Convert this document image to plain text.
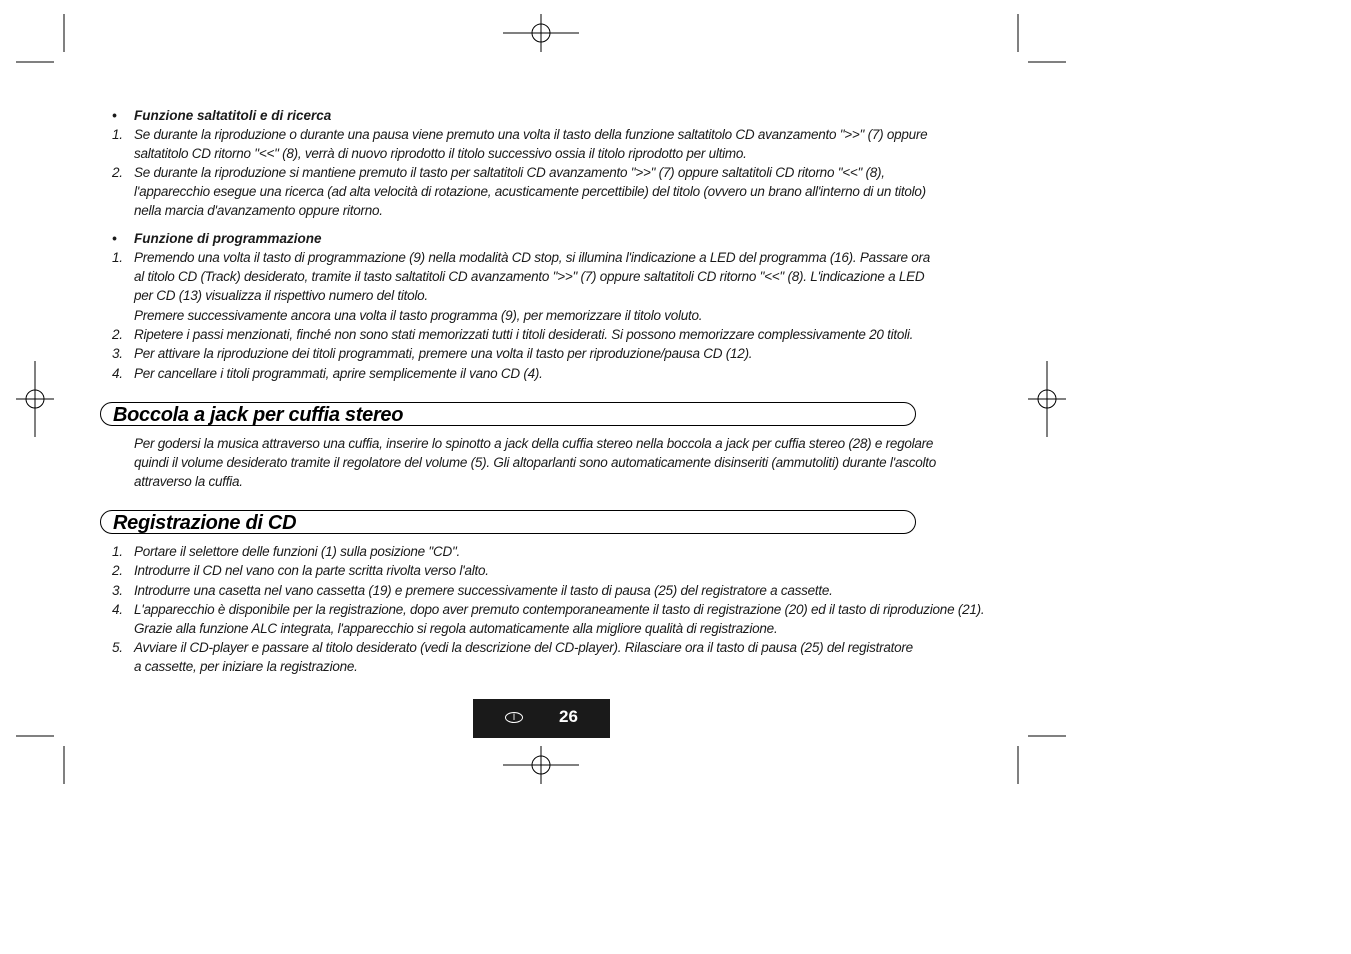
• Funzione saltatitoli e di ricerca
1. Se durante la riproduzione o durante una pausa viene premuto una volta il tasto della funzione saltatitolo CD avanzamento ">>" (7) oppure
saltatitolo CD ritorno "<<" (8), verrà di nuovo riprodotto il titolo successivo ossia il titolo riprodotto per ultimo.
2. Se durante la riproduzione si mantiene premuto il tasto per saltatitoli CD avanzamento ">>" (7) oppure saltatitoli CD ritorno "<<" (8),
l'apparecchio esegue una ricerca (ad alta velocità di rotazione, acusticamente percettibile) del titolo (ovvero un brano all'interno di un titolo)
nella marcia d'avanzamento oppure ritorno.
• Funzione di programmazione
1. Premendo una volta il tasto di programmazione (9) nella modalità CD stop, si illumina l'indicazione a LED del programma (16). Passare ora
al titolo CD (Track) desiderato, tramite il tasto saltatitoli CD avanzamento ">>" (7) oppure saltatitoli CD ritorno "<<" (8). L'indicazione a LED
per CD (13) visualizza il rispettivo numero del titolo.
Premere successivamente ancora una volta il tasto programma (9), per memorizzare il titolo voluto.
2. Ripetere i passi menzionati, finché non sono stati memorizzati tutti i titoli desiderati. Si possono memorizzare complessivamente 20 titoli.
3. Per attivare la riproduzione dei titoli programmati, premere una volta il tasto per riproduzione/pausa CD (12).
4. Per cancellare i titoli programmati, aprire semplicemente il vano CD (4).
Boccola a jack per cuffia stereo
Per godersi la musica attraverso una cuffia, inserire lo spinotto a jack della cuffia stereo nella boccola a jack per cuffia stereo (28) e regolare
quindi il volume desiderato tramite il regolatore del volume (5). Gli altoparlanti sono automaticamente disinseriti (ammutoliti) durante l'ascolto
attraverso la cuffia.
Registrazione di CD
1. Portare il selettore delle funzioni (1) sulla posizione "CD".
2. Introdurre il CD nel vano con la parte scritta rivolta verso l'alto.
3. Introdurre una casetta nel vano cassetta (19) e premere successivamente il tasto di pausa (25) del registratore a cassette.
4. L'apparecchio è disponibile per la registrazione, dopo aver premuto contemporaneamente il tasto di registrazione (20) ed il tasto di riproduzione (21).
Grazie alla funzione ALC integrata, l'apparecchio si regola automaticamente alla migliore qualità di registrazione.
5. Avviare il CD-player e passare al titolo desiderato (vedi la descrizione del CD-player). Rilasciare ora il tasto di pausa (25) del registratore
a cassette, per iniziare la registrazione.
I	26
